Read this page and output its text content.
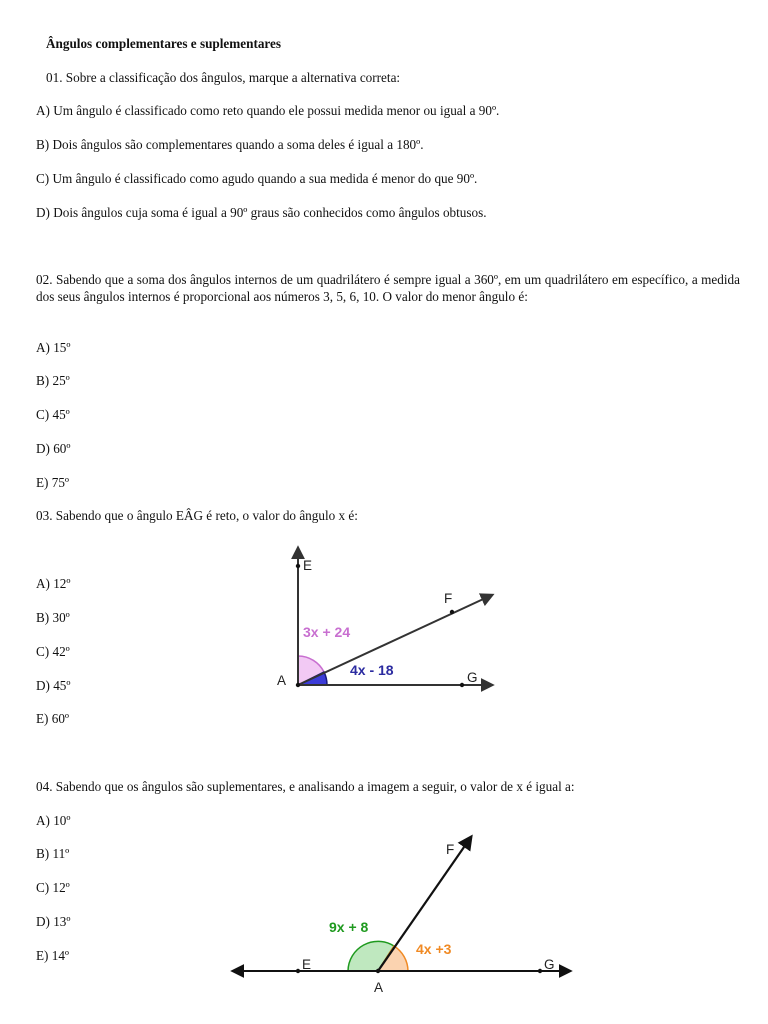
Ângulos complementares e suplementares
01. Sobre a classificação dos ângulos, marque a alternativa correta:
A) Um ângulo é classificado como reto quando ele possui medida menor ou igual a 90º.
B) Dois ângulos são complementares quando a soma deles é igual a 180º.
C) Um ângulo é classificado como agudo quando a sua medida é menor do que 90º.
D) Dois ângulos cuja soma é igual a 90º graus são conhecidos como ângulos obtusos.
02. Sabendo que a soma dos ângulos internos de um quadrilátero é sempre igual a 360º, em um quadrilátero em específico, a medida dos seus ângulos internos é proporcional aos números 3, 5, 6, 10. O valor do menor ângulo é:
A) 15º
B) 25º
C) 45º
D) 60º
E) 75º
03. Sabendo que o ângulo EÂG é reto, o valor do ângulo x é:
A) 12º
B) 30º
C) 42º
D) 45º
E) 60º
E
F
A	G
3x + 24
4x - 18
04. Sabendo que os ângulos são suplementares, e analisando a imagem a seguir, o valor de x é igual a:
A) 10º
B) 11º
C) 12º
D) 13º
E) 14º
E
F
A
G
9x + 8
4x +3
